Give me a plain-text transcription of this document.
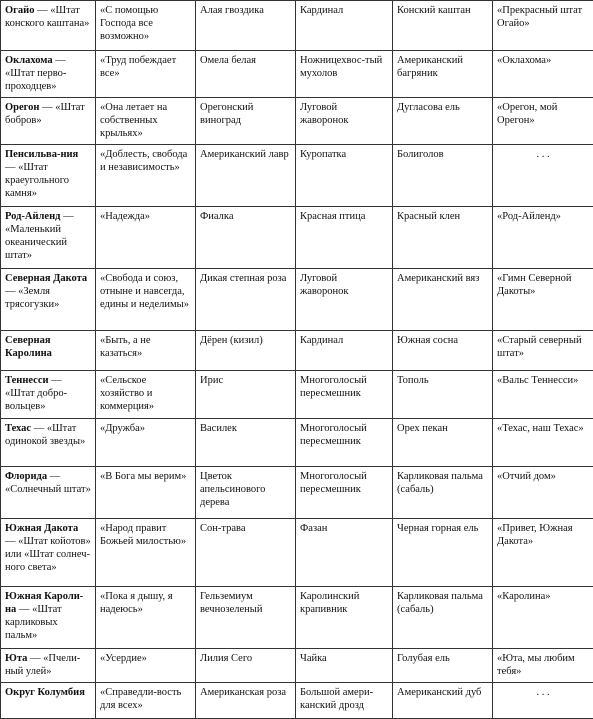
Огайо — «Штат конского каштана»	«С помощью Господа все возможно»	Алая гвоздика	Кардинал	Конский каштан	«Прекрасный штат Огайо»
Оклахома — «Штат перво-проходцев»	«Труд побеждает все»	Омела белая	Ножницехвос-тый мухолов	Американский багряник	«Оклахома»
Орегон — «Штат бобров»	«Она летает на собственных крыльях»	Орегонский виноград	Луговой жаворонок	Дугласова ель	«Орегон, мой Орегон»
Пенсильва-ния — «Штат краеугольного камня»	«Доблесть, свобода и независимость»	Американский лавр	Куропатка	Болиголов	. . .
Род-Айленд — «Маленький океанический штат»	«Надежда»	Фиалка	Красная птица	Красный клен	«Род-Айленд»
Северная Дакота — «Земля трясогузки»	«Свобода и союз, отныне и навсегда, едины и неделимы»	Дикая степная роза	Луговой жаворонок	Американский вяз	«Гимн Северной Дакоты»
Северная Каролина	«Быть, а не казаться»	Дёрен (кизил)	Кардинал	Южная сосна	«Старый северный штат»
Теннесси — «Штат добро-вольцев»	«Сельское хозяйство и коммерция»	Ирис	Многоголосый пересмешник	Тополь	«Вальс Теннесси»
Техас — «Штат одинокой звезды»	«Дружба»	Василек	Многоголосый пересмешник	Орех пекан	«Техас, наш Техас»
Флорида — «Солнечный штат»	«В Бога мы верим»	Цветок апельсинового дерева	Многоголосый пересмешник	Карликовая пальма (сабаль)	«Отчий дом»
Южная Дакота — «Штат койотов» или «Штат солнеч-ного света»	«Народ правит Божьей милостью»	Сон-трава	Фазан	Черная горная ель	«Привет, Южная Дакота»
Южная Кароли-на — «Штат карликовых пальм»	«Пока я дышу, я надеюсь»	Гельземиум вечнозеленый	Каролинский крапивник	Карликовая пальма (сабаль)	«Каролина»
Юта — «Пчели-ный улей»	«Усердие»	Лилия Сего	Чайка	Голубая ель	«Юта, мы любим тебя»
Округ Колумбия	«Справедли-вость для всех»	Американская роза	Большой амери-канский дрозд	Американский дуб	. . .
